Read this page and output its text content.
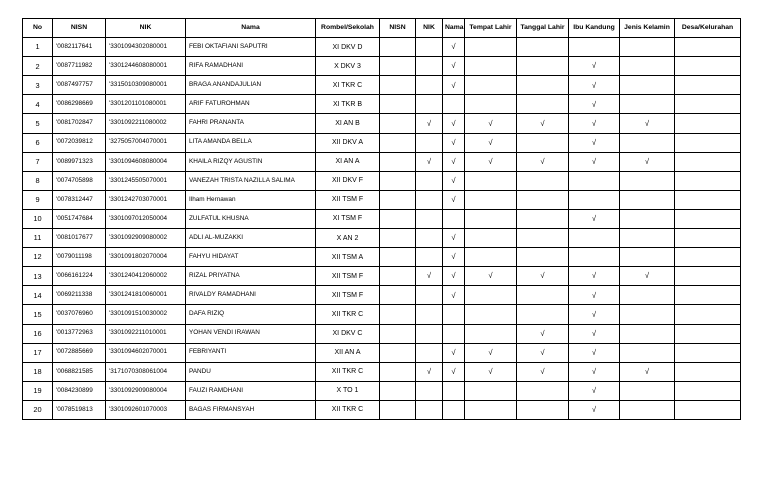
No	NISN	NIK	Nama	Rombel/Sekolah	NISN	NIK	Nama	Tempat Lahir	Tanggal Lahir	Ibu Kandung	Jenis Kelamin	Desa/Kelurahan
1	'0082117641	'3301094302080001	FEBI OKTAFIANI SAPUTRI	XI DKV D			√					
2	'0087711982	'3301244608080001	RIFA RAMADHANI	X DKV 3			√			√		
3	'0087497757	'3315010309080001	BRAGA ANANDAJULIAN	XI TKR C			√			√		
4	'0086298669	'3301201101080001	ARIF FATUROHMAN	XI TKR B						√		
5	'0081702847	'3301092211080002	FAHRI PRANANTA	XI AN B		√	√	√	√	√	√	
6	'0072039812	'3275057004070001	LITA AMANDA BELLA	XII DKV A			√	√		√		
7	'0089971323	'3301094608080004	KHAILA RIZQY AGUSTIN	XI AN A		√	√	√	√	√	√	
8	'0074705898	'3301245505070001	VANEZAH TRISTA NAZILLA SALIMA	XII DKV F			√					
9	'0078312447	'3301242703070001	Ilham Hernawan	XII TSM F			√					
10	'0051747684	'3301097012050004	ZULFATUL KHUSNA	XI TSM F						√		
11	'0081017677	'3301092909080002	ADLI AL-MUZAKKI	X AN 2			√					
12	'0079011198	'3301091802070004	FAHYU HIDAYAT	XII TSM A			√					
13	'0066161224	'3301240412060002	RIZAL PRIYATNA	XII TSM F		√	√	√	√	√	√	
14	'0069211338	'3301241810060001	RIVALDY RAMADHANI	XII TSM F			√			√		
15	'0037076960	'3301091510030002	DAFA RIZIQ	XII TKR C						√		
16	'0013772963	'3301092211010001	YOHAN VENDI IRAWAN	XI DKV C					√	√		
17	'0072885669	'3301094602070001	FEBRIYANTI	XII AN A			√	√	√	√		
18	'0068821585	'3171070308061004	PANDU	XII TKR C		√	√	√	√	√	√	
19	'0084230899	'3301092909080004	FAUZI RAMDHANI	X TO 1						√		
20	'0078519813	'3301092601070003	BAGAS FIRMANSYAH	XII TKR C						√		
